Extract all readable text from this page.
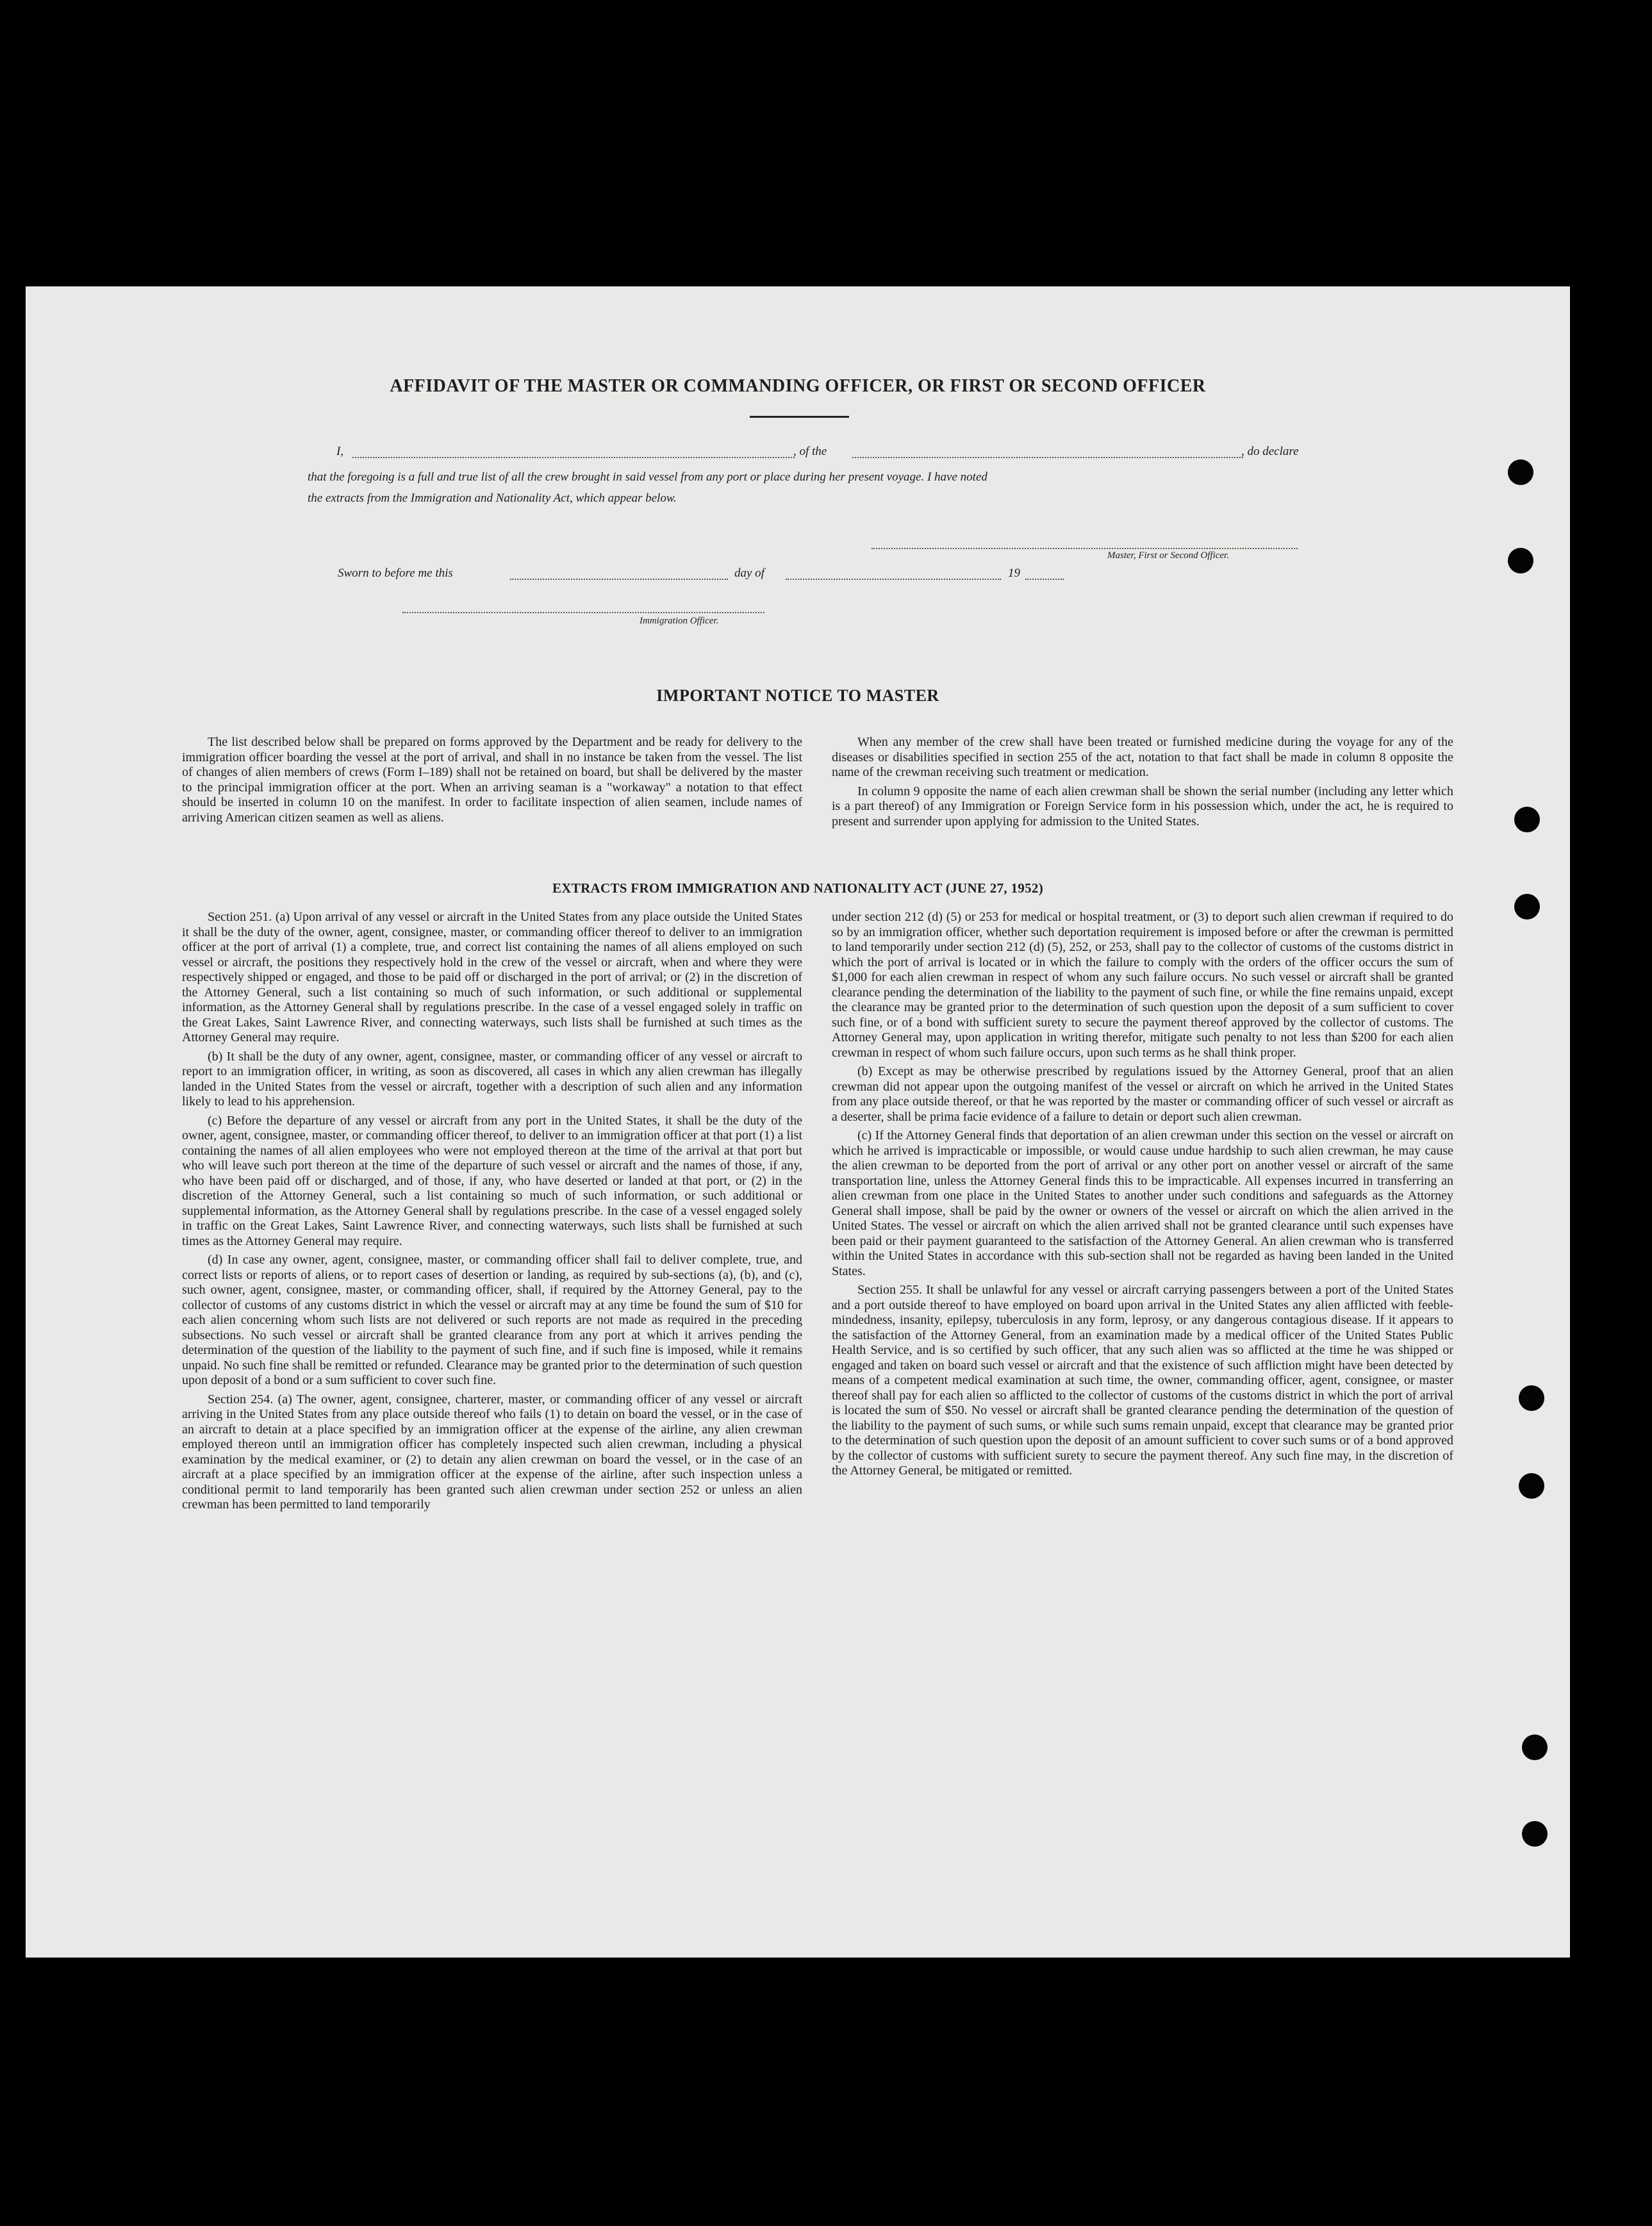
AFFIDAVIT OF THE MASTER OR COMMANDING OFFICER, OR FIRST OR SECOND OFFICER
I,	, of the	, do declare
that the foregoing is a full and true list of all the crew brought in said vessel from any port or place during her present voyage. I have noted
the extracts from the Immigration and Nationality Act, which appear below.
Master, First or Second Officer.
Sworn to before me this	day of	19
Immigration Officer.
IMPORTANT NOTICE TO MASTER

The list described below shall be prepared on forms approved by the Department and be ready for delivery to the immigration officer boarding the vessel at the port of arrival, and shall in no instance be taken from the vessel. The list of changes of alien members of crews (Form I–189) shall not be retained on board, but shall be delivered by the master to the principal immigration officer at the port. When an arriving seaman is a "workaway" a notation to that effect should be inserted in column 10 on the manifest. In order to facilitate inspection of alien seamen, include names of arriving American citizen seamen as well as aliens.

When any member of the crew shall have been treated or furnished medicine during the voyage for any of the diseases or disabilities specified in section 255 of the act, notation to that fact shall be made in column 8 opposite the name of the crewman receiving such treatment or medication.

In column 9 opposite the name of each alien crewman shall be shown the serial number (including any letter which is a part thereof) of any Immigration or Foreign Service form in his possession which, under the act, he is required to present and surrender upon applying for admission to the United States.

EXTRACTS FROM IMMIGRATION AND NATIONALITY ACT (JUNE 27, 1952)

Section 251. (a) Upon arrival of any vessel or aircraft in the United States from any place outside the United States it shall be the duty of the owner, agent, consignee, master, or commanding officer thereof to deliver to an immigration officer at the port of arrival (1) a complete, true, and correct list containing the names of all aliens employed on such vessel or aircraft, the positions they respectively hold in the crew of the vessel or aircraft, when and where they were respectively shipped or engaged, and those to be paid off or discharged in the port of arrival; or (2) in the discretion of the Attorney General, such a list containing so much of such information, or such additional or supplemental information, as the Attorney General shall by regulations prescribe. In the case of a vessel engaged solely in traffic on the Great Lakes, Saint Lawrence River, and connecting waterways, such lists shall be furnished at such times as the Attorney General may require.

(b) It shall be the duty of any owner, agent, consignee, master, or commanding officer of any vessel or aircraft to report to an immigration officer, in writing, as soon as discovered, all cases in which any alien crewman has illegally landed in the United States from the vessel or aircraft, together with a description of such alien and any information likely to lead to his apprehension.

(c) Before the departure of any vessel or aircraft from any port in the United States, it shall be the duty of the owner, agent, consignee, master, or commanding officer thereof, to deliver to an immigration officer at that port (1) a list containing the names of all alien employees who were not employed thereon at the time of the arrival at that port but who will leave such port thereon at the time of the departure of such vessel or aircraft and the names of those, if any, who have been paid off or discharged, and of those, if any, who have deserted or landed at that port, or (2) in the discretion of the Attorney General, such a list containing so much of such information, or such additional or supplemental information, as the Attorney General shall by regulations prescribe. In the case of a vessel engaged solely in traffic on the Great Lakes, Saint Lawrence River, and connecting waterways, such lists shall be furnished at such times as the Attorney General may require.

(d) In case any owner, agent, consignee, master, or commanding officer shall fail to deliver complete, true, and correct lists or reports of aliens, or to report cases of desertion or landing, as required by sub-sections (a), (b), and (c), such owner, agent, consignee, master, or commanding officer, shall, if required by the Attorney General, pay to the collector of customs of any customs district in which the vessel or aircraft may at any time be found the sum of $10 for each alien concerning whom such lists are not delivered or such reports are not made as required in the preceding subsections. No such vessel or aircraft shall be granted clearance from any port at which it arrives pending the determination of the question of the liability to the payment of such fine, and if such fine is imposed, while it remains unpaid. No such fine shall be remitted or refunded. Clearance may be granted prior to the determination of such question upon deposit of a bond or a sum sufficient to cover such fine.

Section 254. (a) The owner, agent, consignee, charterer, master, or commanding officer of any vessel or aircraft arriving in the United States from any place outside thereof who fails (1) to detain on board the vessel, or in the case of an aircraft to detain at a place specified by an immigration officer at the expense of the airline, any alien crewman employed thereon until an immigration officer has completely inspected such alien crewman, including a physical examination by the medical examiner, or (2) to detain any alien crewman on board the vessel, or in the case of an aircraft at a place specified by an immigration officer at the expense of the airline, after such inspection unless a conditional permit to land temporarily has been granted such alien crewman under section 252 or unless an alien crewman has been permitted to land temporarily

under section 212 (d) (5) or 253 for medical or hospital treatment, or (3) to deport such alien crewman if required to do so by an immigration officer, whether such deportation requirement is imposed before or after the crewman is permitted to land temporarily under section 212 (d) (5), 252, or 253, shall pay to the collector of customs of the customs district in which the port of arrival is located or in which the failure to comply with the orders of the officer occurs the sum of $1,000 for each alien crewman in respect of whom any such failure occurs. No such vessel or aircraft shall be granted clearance pending the determination of the liability to the payment of such fine, or while the fine remains unpaid, except the clearance may be granted prior to the determination of such question upon the deposit of a sum sufficient to cover such fine, or of a bond with sufficient surety to secure the payment thereof approved by the collector of customs. The Attorney General may, upon application in writing therefor, mitigate such penalty to not less than $200 for each alien crewman in respect of whom such failure occurs, upon such terms as he shall think proper.

(b) Except as may be otherwise prescribed by regulations issued by the Attorney General, proof that an alien crewman did not appear upon the outgoing manifest of the vessel or aircraft on which he arrived in the United States from any place outside thereof, or that he was reported by the master or commanding officer of such vessel or aircraft as a deserter, shall be prima facie evidence of a failure to detain or deport such alien crewman.

(c) If the Attorney General finds that deportation of an alien crewman under this section on the vessel or aircraft on which he arrived is impracticable or impossible, or would cause undue hardship to such alien crewman, he may cause the alien crewman to be deported from the port of arrival or any other port on another vessel or aircraft of the same transportation line, unless the Attorney General finds this to be impracticable. All expenses incurred in transferring an alien crewman from one place in the United States to another under such conditions and safeguards as the Attorney General shall impose, shall be paid by the owner or owners of the vessel or aircraft on which the alien arrived in the United States. The vessel or aircraft on which the alien arrived shall not be granted clearance until such expenses have been paid or their payment guaranteed to the satisfaction of the Attorney General. An alien crewman who is transferred within the United States in accordance with this sub-section shall not be regarded as having been landed in the United States.

Section 255. It shall be unlawful for any vessel or aircraft carrying passengers between a port of the United States and a port outside thereof to have employed on board upon arrival in the United States any alien afflicted with feeble-mindedness, insanity, epilepsy, tuberculosis in any form, leprosy, or any dangerous contagious disease. If it appears to the satisfaction of the Attorney General, from an examination made by a medical officer of the United States Public Health Service, and is so certified by such officer, that any such alien was so afflicted at the time he was shipped or engaged and taken on board such vessel or aircraft and that the existence of such affliction might have been detected by means of a competent medical examination at such time, the owner, commanding officer, agent, consignee, or master thereof shall pay for each alien so afflicted to the collector of customs of the customs district in which the port of arrival is located the sum of $50. No vessel or aircraft shall be granted clearance pending the determination of the question of the liability to the payment of such sums, or while such sums remain unpaid, except that clearance may be granted prior to the determination of such question upon the deposit of an amount sufficient to cover such sums or of a bond approved by the collector of customs with sufficient surety to secure the payment thereof. Any such fine may, in the discretion of the Attorney General, be mitigated or remitted.
